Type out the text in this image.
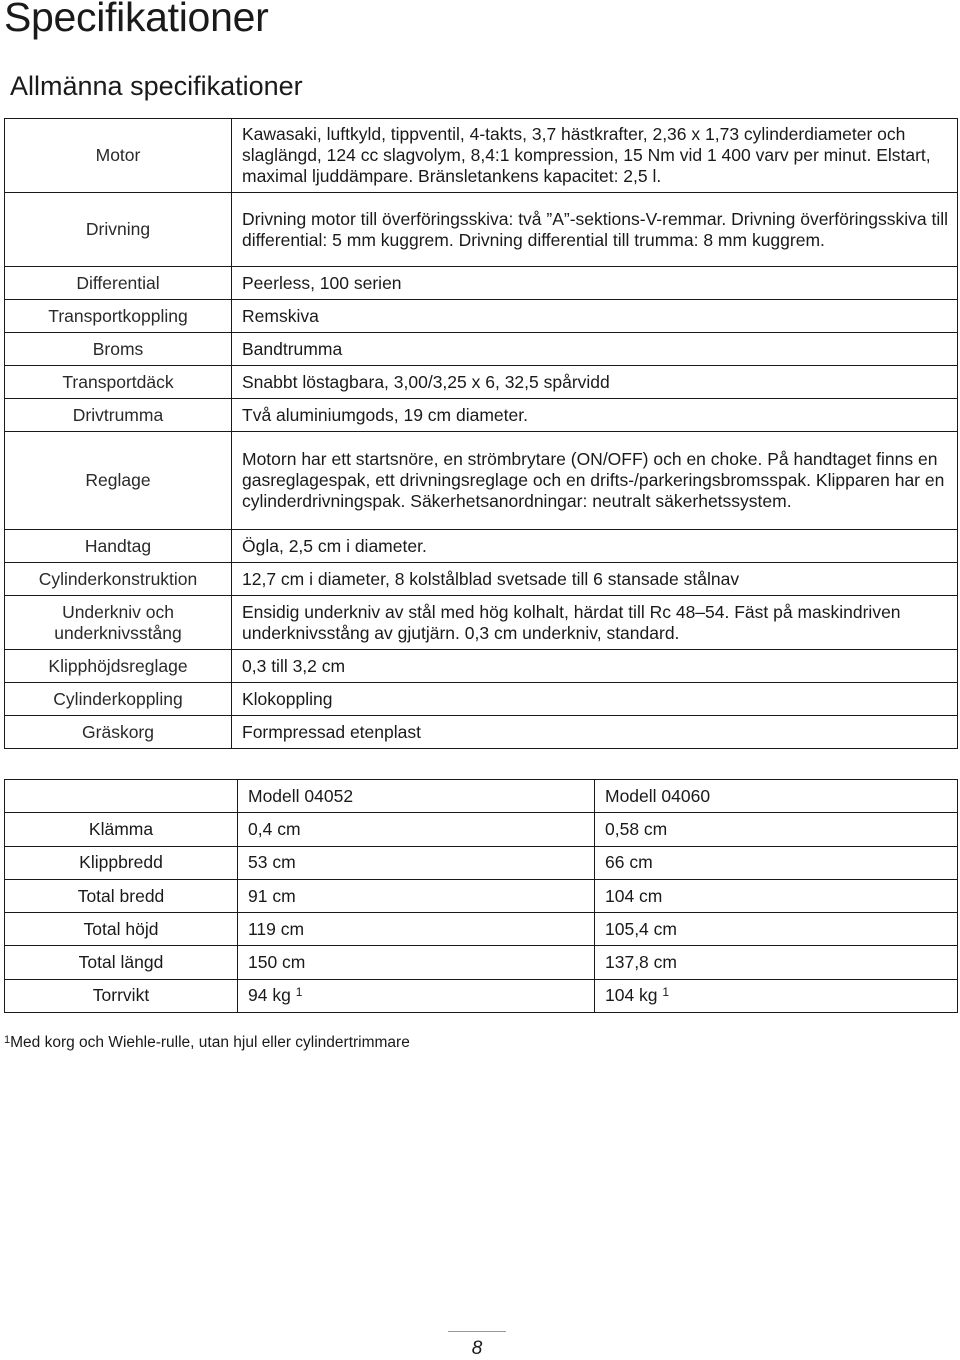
Specifikationer
Allmänna specifikationer
Motor	Kawasaki, luftkyld, tippventil, 4-takts, 3,7 hästkrafter, 2,36 x 1,73 cylinderdiameter och slaglängd, 124 cc slagvolym, 8,4:1 kompression, 15 Nm vid 1 400 varv per minut. Elstart, maximal ljuddämpare. Bränsletankens kapacitet: 2,5 l.
Drivning	Drivning motor till överföringsskiva: två ”A”-sektions-V-remmar. Drivning överföringsskiva till differential: 5 mm kuggrem. Drivning differential till trumma: 8 mm kuggrem.
Differential	Peerless, 100 serien
Transportkoppling	Remskiva
Broms	Bandtrumma
Transportdäck	Snabbt löstagbara, 3,00/3,25 x 6, 32,5 spårvidd
Drivtrumma	Två aluminiumgods, 19 cm diameter.
Reglage	Motorn har ett startsnöre, en strömbrytare (ON/OFF) och en choke. På handtaget finns en gasreglagespak, ett drivningsreglage och en drifts-/parkeringsbromsspak. Klipparen har en cylinderdrivningspak. Säkerhetsanordningar: neutralt säkerhetssystem.
Handtag	Ögla, 2,5 cm i diameter.
Cylinderkonstruktion	12,7 cm i diameter, 8 kolstålblad svetsade till 6 stansade stålnav
Underkniv och underknivsstång	Ensidig underkniv av stål med hög kolhalt, härdat till Rc 48–54. Fäst på maskindriven underknivsstång av gjutjärn. 0,3 cm underkniv, standard.
Klipphöjdsreglage	0,3 till 3,2 cm
Cylinderkoppling	Klokoppling
Gräskorg	Formpressad etenplast
	Modell 04052	Modell 04060
Klämma	0,4 cm	0,58 cm
Klippbredd	53 cm	66 cm
Total bredd	91 cm	104 cm
Total höjd	119 cm	105,4 cm
Total längd	150 cm	137,8 cm
Torrvikt	94 kg $^1$	104 kg $^1$
$^1$Med korg och Wiehle-rulle, utan hjul eller cylindertrimmare
8
